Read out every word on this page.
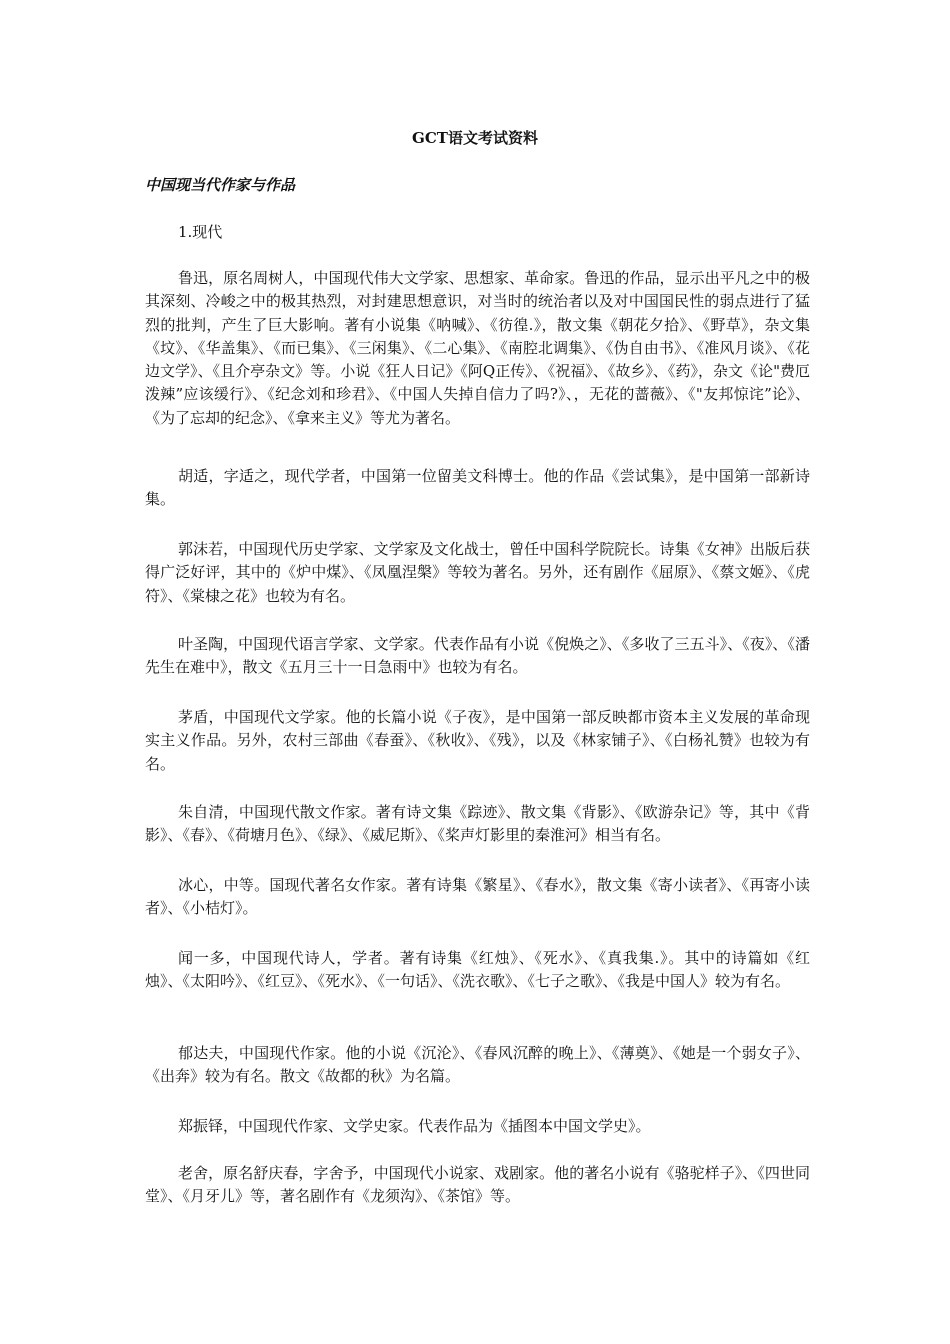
GCT语文考试资料
中国现当代作家与作品
1.现代

鲁迅，原名周树人，中国现代伟大文学家、思想家、革命家。鲁迅的作品，显示出平凡之中的极其深刻、冷峻之中的极其热烈，对封建思想意识，对当时的统治者以及对中国国民性的弱点进行了猛烈的批判，产生了巨大影响。著有小说集《呐喊》、《彷徨.》，散文集《朝花夕拾》、《野草》，杂文集《坟》、《华盖集》、《而已集》、《三闲集》、《二心集》、《南腔北调集》、《伪自由书》、《准风月谈》、《花边文学》、《且介亭杂文》等。小说《狂人日记》《阿Q正传》、《祝福》、《故乡》、《药》，杂文《论"费厄泼辣”应该缓行》、《纪念刘和珍君》、《中国人失掉自信力了吗?》、，无花的蔷薇》、《"友邦惊诧”论》、《为了忘却的纪念》、《拿来主义》等尤为著名。

胡适，字适之，现代学者，中国第一位留美文科博士。他的作品《尝试集》，是中国第一部新诗集。

郭沫若，中国现代历史学家、文学家及文化战士，曾任中国科学院院长。诗集《女神》出版后获得广泛好评，其中的《炉中煤》、《凤凰涅槃》等较为著名。另外，还有剧作《屈原》、《蔡文姬》、《虎符》、《棠棣之花》也较为有名。

叶圣陶，中国现代语言学家、文学家。代表作品有小说《倪焕之》、《多收了三五斗》、《夜》、《潘先生在难中》，散文《五月三十一日急雨中》也较为有名。

茅盾，中国现代文学家。他的长篇小说《子夜》，是中国第一部反映都市资本主义发展的革命现实主义作品。另外，农村三部曲《春蚕》、《秋收》、《残》，以及《林家铺子》、《白杨礼赞》也较为有名。

朱自清，中国现代散文作家。著有诗文集《踪迹》、散文集《背影》、《欧游杂记》等，其中《背影》、《春》、《荷塘月色》、《绿》、《威尼斯》、《桨声灯影里的秦淮河》相当有名。

冰心，中等。国现代著名女作家。著有诗集《繁星》、《春水》，散文集《寄小读者》、《再寄小读者》、《小桔灯》。

闻一多，中国现代诗人，学者。著有诗集《红烛》、《死水》、《真我集.》。其中的诗篇如《红烛》、《太阳吟》、《红豆》、《死水》、《一句话》、《洗衣歌》、《七子之歌》、《我是中国人》较为有名。

郁达夫，中国现代作家。他的小说《沉沦》、《春风沉醉的晚上》、《薄奠》、《她是一个弱女子》、《出奔》较为有名。散文《故都的秋》为名篇。

郑振铎，中国现代作家、文学史家。代表作品为《插图本中国文学史》。

老舍，原名舒庆春，字舍予，中国现代小说家、戏剧家。他的著名小说有《骆驼样子》、《四世同堂》、《月牙儿》等，著名剧作有《龙须沟》、《茶馆》等。
